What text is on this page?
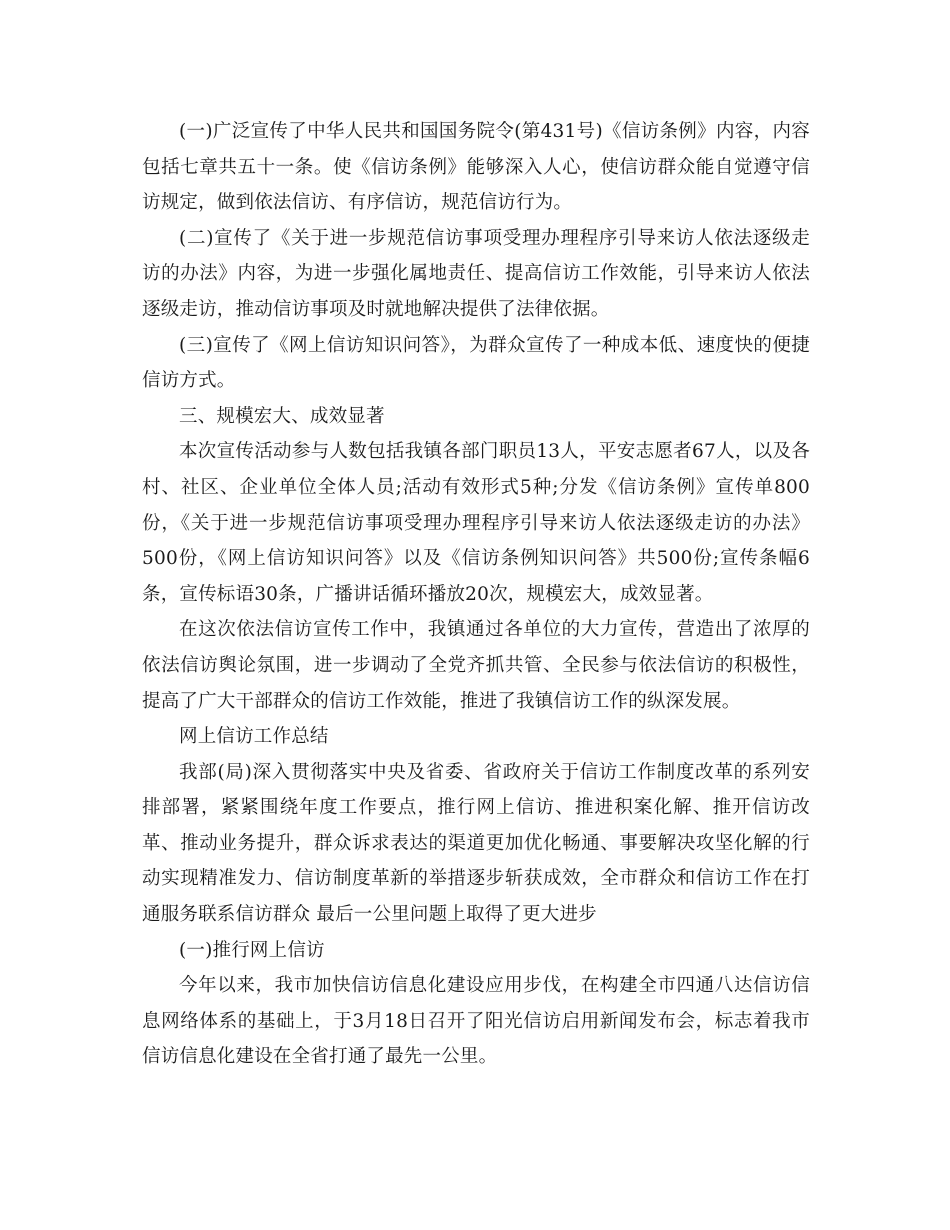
(一)广泛宣传了中华人民共和国国务院令(第431号)《信访条例》内容，内容包括七章共五十一条。使《信访条例》能够深入人心，使信访群众能自觉遵守信访规定，做到依法信访、有序信访，规范信访行为。

(二)宣传了《关于进一步规范信访事项受理办理程序引导来访人依法逐级走访的办法》内容，为进一步强化属地责任、提高信访工作效能，引导来访人依法逐级走访，推动信访事项及时就地解决提供了法律依据。

(三)宣传了《网上信访知识问答》，为群众宣传了一种成本低、速度快的便捷信访方式。

三、规模宏大、成效显著

本次宣传活动参与人数包括我镇各部门职员13人，平安志愿者67人，以及各村、社区、企业单位全体人员;活动有效形式5种;分发《信访条例》宣传单800份，《关于进一步规范信访事项受理办理程序引导来访人依法逐级走访的办法》500份，《网上信访知识问答》以及《信访条例知识问答》共500份;宣传条幅6条，宣传标语30条，广播讲话循环播放20次，规模宏大，成效显著。

在这次依法信访宣传工作中，我镇通过各单位的大力宣传，营造出了浓厚的依法信访舆论氛围，进一步调动了全党齐抓共管、全民参与依法信访的积极性，提高了广大干部群众的信访工作效能，推进了我镇信访工作的纵深发展。

网上信访工作总结

我部(局)深入贯彻落实中央及省委、省政府关于信访工作制度改革的系列安排部署，紧紧围绕年度工作要点，推行网上信访、推进积案化解、推开信访改革、推动业务提升，群众诉求表达的渠道更加优化畅通、事要解决攻坚化解的行动实现精准发力、信访制度革新的举措逐步斩获成效，全市群众和信访工作在打通服务联系信访群众 最后一公里问题上取得了更大进步

(一)推行网上信访

今年以来，我市加快信访信息化建设应用步伐，在构建全市四通八达信访信息网络体系的基础上，于3月18日召开了阳光信访启用新闻发布会，标志着我市信访信息化建设在全省打通了最先一公里。
